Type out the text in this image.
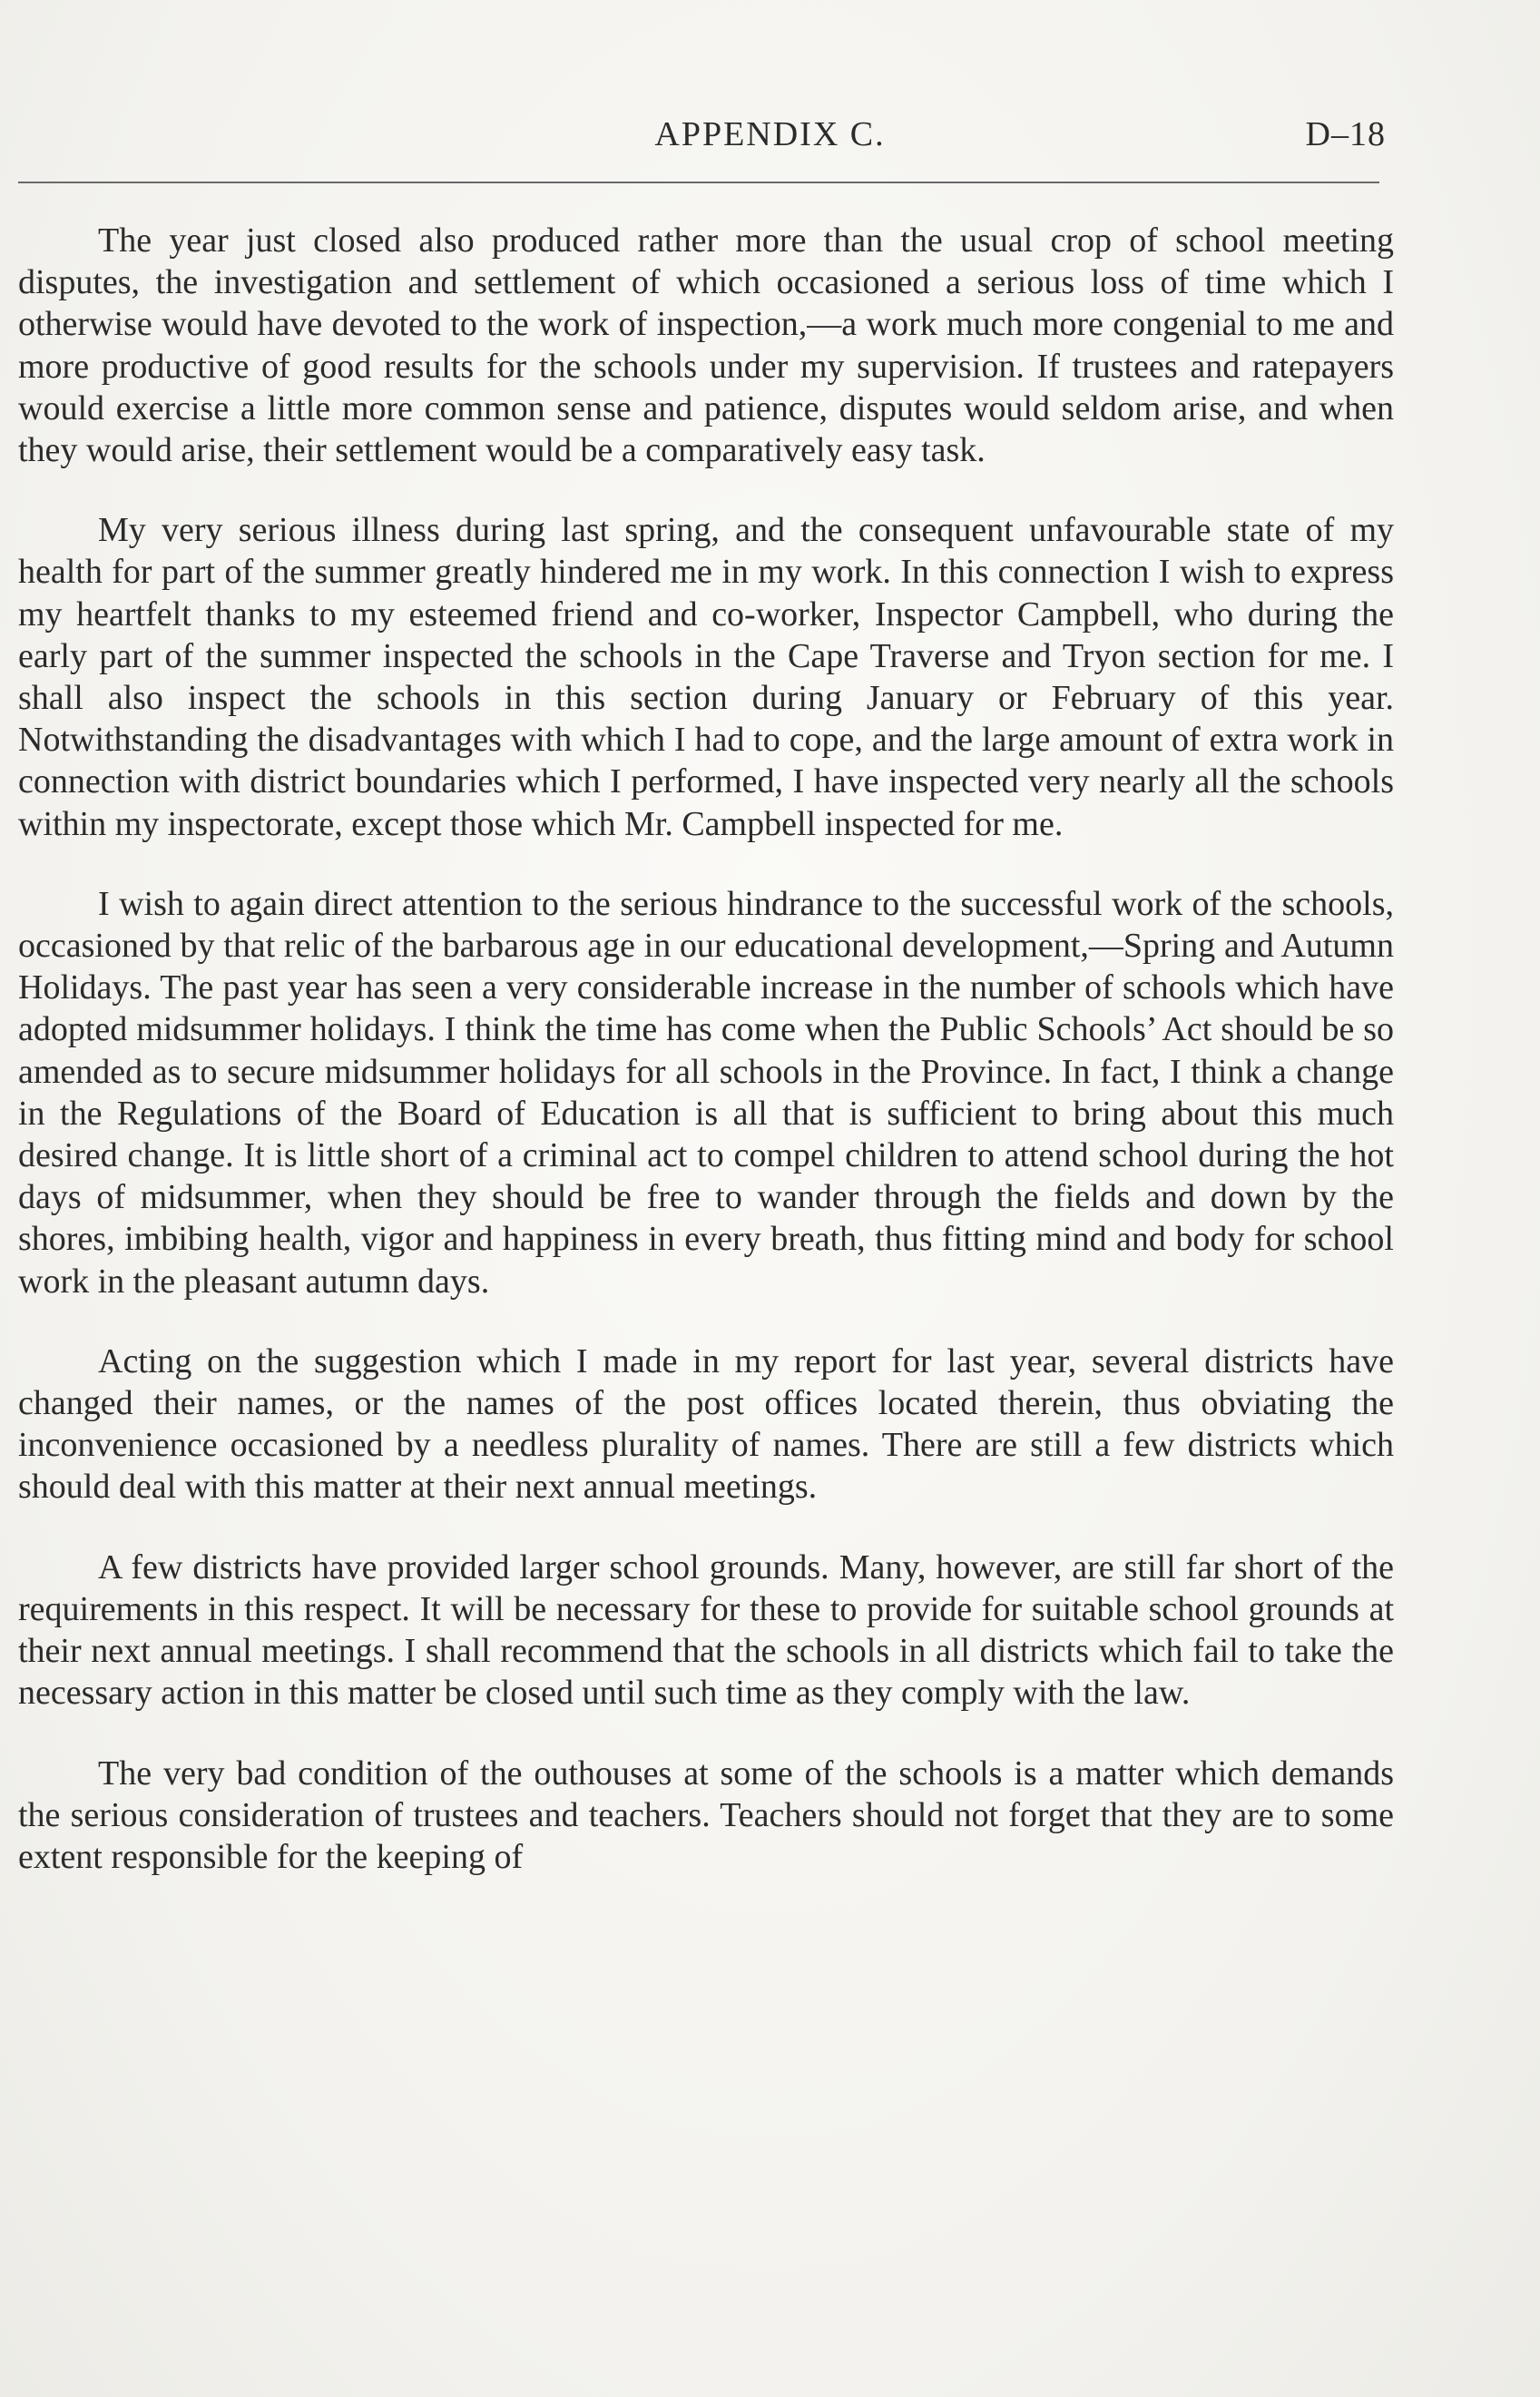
APPENDIX C.	D–18

The year just closed also produced rather more than the usual crop of school meeting disputes, the investigation and settlement of which occasioned a serious loss of time which I otherwise would have devoted to the work of inspection,—a work much more congenial to me and more productive of good results for the schools under my supervision. If trustees and ratepayers would exercise a little more common sense and patience, disputes would seldom arise, and when they would arise, their settlement would be a comparatively easy task.

My very serious illness during last spring, and the consequent unfavourable state of my health for part of the summer greatly hindered me in my work. In this connection I wish to express my heartfelt thanks to my esteemed friend and co-worker, Inspector Campbell, who during the early part of the summer inspected the schools in the Cape Traverse and Tryon section for me. I shall also inspect the schools in this section during January or February of this year. Notwithstanding the disadvantages with which I had to cope, and the large amount of extra work in connection with district boundaries which I performed, I have inspected very nearly all the schools within my inspectorate, except those which Mr. Campbell inspected for me.

I wish to again direct attention to the serious hindrance to the successful work of the schools, occasioned by that relic of the barbarous age in our educational development,—Spring and Autumn Holidays. The past year has seen a very considerable increase in the number of schools which have adopted midsummer holidays. I think the time has come when the Public Schools’ Act should be so amended as to secure midsummer holidays for all schools in the Province. In fact, I think a change in the Regulations of the Board of Education is all that is sufficient to bring about this much desired change. It is little short of a criminal act to compel children to attend school during the hot days of midsummer, when they should be free to wander through the fields and down by the shores, imbibing health, vigor and happiness in every breath, thus fitting mind and body for school work in the pleasant autumn days.

Acting on the suggestion which I made in my report for last year, several districts have changed their names, or the names of the post offices located therein, thus obviating the inconvenience occasioned by a needless plurality of names. There are still a few districts which should deal with this matter at their next annual meetings.

A few districts have provided larger school grounds. Many, however, are still far short of the requirements in this respect. It will be necessary for these to provide for suitable school grounds at their next annual meetings. I shall recommend that the schools in all districts which fail to take the necessary action in this matter be closed until such time as they comply with the law.

The very bad condition of the outhouses at some of the schools is a matter which demands the serious consideration of trustees and teachers. Teachers should not forget that they are to some extent responsible for the keeping of
